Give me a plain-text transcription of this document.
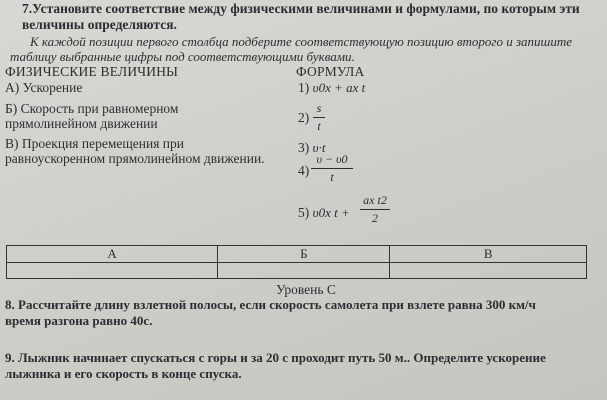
7.Установите соответствие между физическими величинами и формулами, по которым эти
величины определяются.
К каждой позиции первого столбца подберите соответствующую позицию второго и запишите
таблицу выбранные цифры под соответствующими буквами.
ФИЗИЧЕСКИЕ ВЕЛИЧИНЫ	ФОРМУЛА
А) Ускорение
Б) Скорость при равномерном
прямолинейном движении
В) Проекция перемещения при
равноускоренном прямолинейном движении.
1) υ0x + ax t
2)
s
t
3) υ·t
4)
υ − υ0
t
5) υ0x t +
ax t2
2
А	Б	В

Уровень С
8. Рассчитайте длину взлетной полосы, если скорость самолета при взлете равна 300 км/ч
время разгона равно 40с.
9. Лыжник начинает спускаться с горы и за 20 с проходит путь 50 м.. Определите ускорение
лыжника и его скорость в конце спуска.
